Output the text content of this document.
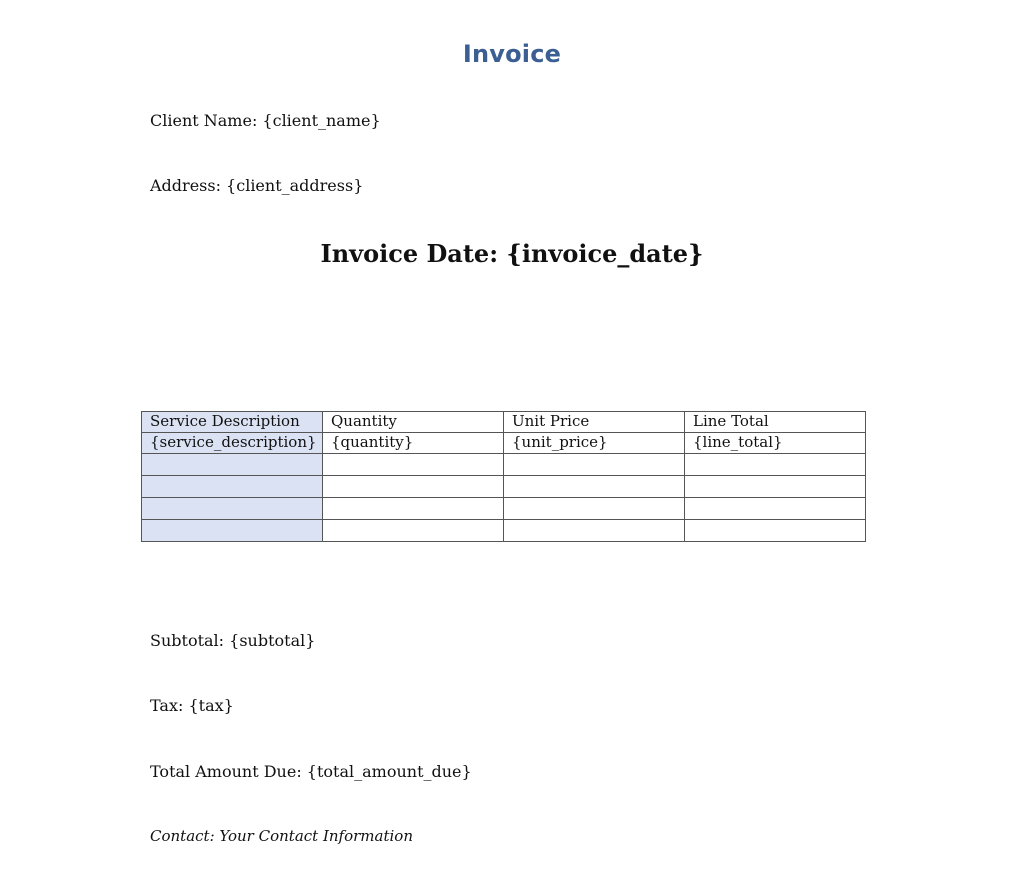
Invoice
Client Name: {client_name}
Address: {client_address}
Invoice Date: {invoice_date}
Service Description	Quantity	Unit Price	Line Total
{service_description}	{quantity}	{unit_price}	{line_total}

Subtotal: {subtotal}
Tax: {tax}
Total Amount Due: {total_amount_due}
Contact: Your Contact Information
